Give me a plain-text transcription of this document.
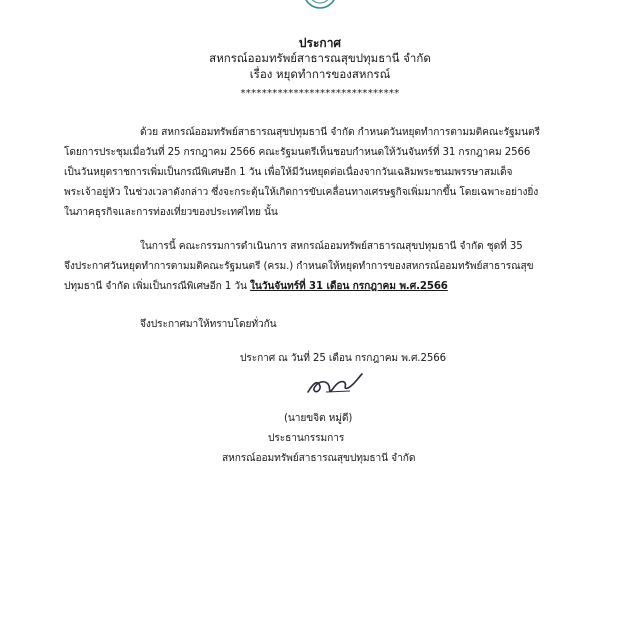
ประกาศ
สหกรณ์ออมทรัพย์สาธารณสุขปทุมธานี จำกัด
เรื่อง หยุดทำการของสหกรณ์
******************************
ด้วย สหกรณ์ออมทรัพย์สาธารณสุขปทุมธานี จำกัด กำหนดวันหยุดทำการตามมติคณะรัฐมนตรี
โดยการประชุมเมื่อวันที่ 25 กรกฎาคม 2566 คณะรัฐมนตรีเห็นชอบกำหนดให้วันจันทร์ที่ 31 กรกฎาคม 2566
เป็นวันหยุดราชการเพิ่มเป็นกรณีพิเศษอีก 1 วัน เพื่อให้มีวันหยุดต่อเนื่องจากวันเฉลิมพระชนมพรรษาสมเด็จ
พระเจ้าอยู่หัว ในช่วงเวลาดังกล่าว ซึ่งจะกระตุ้นให้เกิดการขับเคลื่อนทางเศรษฐกิจเพิ่มมากขึ้น โดยเฉพาะอย่างยิ่ง
ในภาคธุรกิจและการท่องเที่ยวของประเทศไทย นั้น
ในการนี้ คณะกรรมการดำเนินการ สหกรณ์ออมทรัพย์สาธารณสุขปทุมธานี จำกัด ชุดที่ 35
จึงประกาศวันหยุดทำการตามมติคณะรัฐมนตรี (ครม.) กำหนดให้หยุดทำการของสหกรณ์ออมทรัพย์สาธารณสุข
ปทุมธานี จำกัด เพิ่มเป็นกรณีพิเศษอีก 1 วัน ในวันจันทร์ที่ 31 เดือน กรกฎาคม พ.ศ.2566
จึงประกาศมาให้ทราบโดยทั่วกัน
ประกาศ ณ วันที่ 25 เดือน กรกฎาคม พ.ศ.2566
(นายขจิต หมู่ดี)
ประธานกรรมการ
สหกรณ์ออมทรัพย์สาธารณสุขปทุมธานี จำกัด
